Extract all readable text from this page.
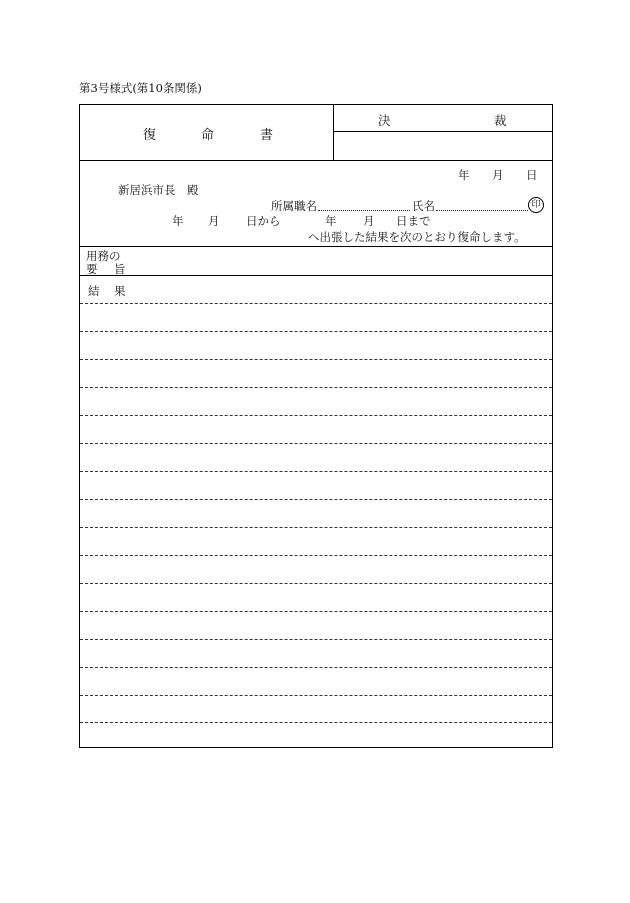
第3号様式(第10条関係)
復	命	書
決	裁
年 月 日
新居浜市長　殿
所属職名	氏名	印
年 月 日から	年 月 日まで
へ出張した結果を次のとおり復命します。
用務の
要 旨
結 果
